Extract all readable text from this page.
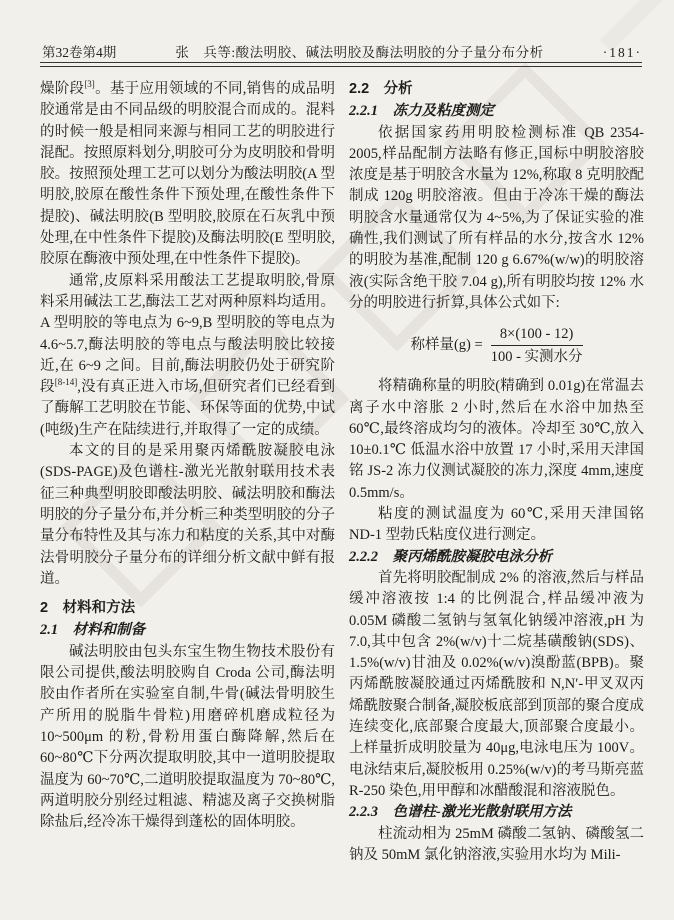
第32卷第4期	张　兵等:酸法明胶、碱法明胶及酶法明胶的分子量分布分析	·181·

燥阶段[3]。基于应用领域的不同,销售的成品明胶通常是由不同品级的明胶混合而成的。混料的时候一般是相同来源与相同工艺的明胶进行混配。按照原料划分,明胶可分为皮明胶和骨明胶。按照预处理工艺可以划分为酸法明胶(A 型明胶,胶原在酸性条件下预处理,在酸性条件下提胶)、碱法明胶(B 型明胶,胶原在石灰乳中预处理,在中性条件下提胶)及酶法明胶(E 型明胶,胶原在酶液中预处理,在中性条件下提胶)。

通常,皮原料采用酸法工艺提取明胶,骨原料采用碱法工艺,酶法工艺对两种原料均适用。A 型明胶的等电点为 6~9,B 型明胶的等电点为 4.6~5.7,酶法明胶的等电点与酸法明胶比较接近,在 6~9 之间。目前,酶法明胶仍处于研究阶段[8-14],没有真正进入市场,但研究者们已经看到了酶解工艺明胶在节能、环保等面的优势,中试(吨级)生产在陆续进行,并取得了一定的成绩。

本文的目的是采用聚丙烯酰胺凝胶电泳(SDS-PAGE)及色谱柱-激光光散射联用技术表征三种典型明胶即酸法明胶、碱法明胶和酶法明胶的分子量分布,并分析三种类型明胶的分子量分布特性及其与冻力和粘度的关系,其中对酶法骨明胶分子量分布的详细分析文献中鲜有报道。

2　材料和方法
2.1　材料和制备

碱法明胶由包头东宝生物生物技术股份有限公司提供,酸法明胶购自 Croda 公司,酶法明胶由作者所在实验室自制,牛骨(碱法骨明胶生产所用的脱脂牛骨粒)用磨碎机磨成粒径为 10~500μm 的粉,骨粉用蛋白酶降解,然后在 60~80℃下分两次提取明胶,其中一道明胶提取温度为 60~70℃,二道明胶提取温度为 70~80℃,两道明胶分别经过粗滤、精滤及离子交换树脂除盐后,经冷冻干燥得到蓬松的固体明胶。

2.2　分析
2.2.1　冻力及粘度测定

依据国家药用明胶检测标准 QB 2354-2005,样品配制方法略有修正,国标中明胶溶胶浓度是基于明胶含水量为 12%,称取 8 克明胶配制成 120g 明胶溶液。但由于冷冻干燥的酶法明胶含水量通常仅为 4~5%,为了保证实验的准确性,我们测试了所有样品的水分,按含水 12% 的明胶为基准,配制 120 g 6.67%(w/w)的明胶溶液(实际含绝干胶 7.04 g),所有明胶均按 12% 水分的明胶进行折算,具体公式如下:

称样量$(g) = \frac{8\times(100 - 12)}{\text{100 - 实测水分}}$

将精确称量的明胶(精确到 0.01g)在常温去离子水中溶胀 2 小时,然后在水浴中加热至 60℃,最终溶成均匀的液体。冷却至 30℃,放入 10±0.1℃ 低温水浴中放置 17 小时,采用天津国铭 JS-2 冻力仪测试凝胶的冻力,深度 4mm,速度 0.5mm/s。

粘度的测试温度为 60℃,采用天津国铭 ND-1 型勃氏粘度仪进行测定。

2.2.2　聚丙烯酰胺凝胶电泳分析

首先将明胶配制成 2% 的溶液,然后与样品缓冲溶液按 1:4 的比例混合,样品缓冲液为 0.05M 磷酸二氢钠与氢氧化钠缓冲溶液,pH 为 7.0,其中包含 2%(w/v)十二烷基磺酸钠(SDS)、1.5%(w/v)甘油及 0.02%(w/v)溴酚蓝(BPB)。聚丙烯酰胺凝胶通过丙烯酰胺和 N,N′-甲叉双丙烯酰胺聚合制备,凝胶板底部到顶部的聚合度成连续变化,底部聚合度最大,顶部聚合度最小。上样量折成明胶量为 40μg,电泳电压为 100V。电泳结束后,凝胶板用 0.25%(w/v)的考马斯亮蓝 R-250 染色,用甲醇和冰醋酸混和溶液脱色。

2.2.3　色谱柱-激光光散射联用方法

柱流动相为 25mM 磷酸二氢钠、磷酸氢二钠及 50mM 氯化钠溶液,实验用水均为 Mili-
